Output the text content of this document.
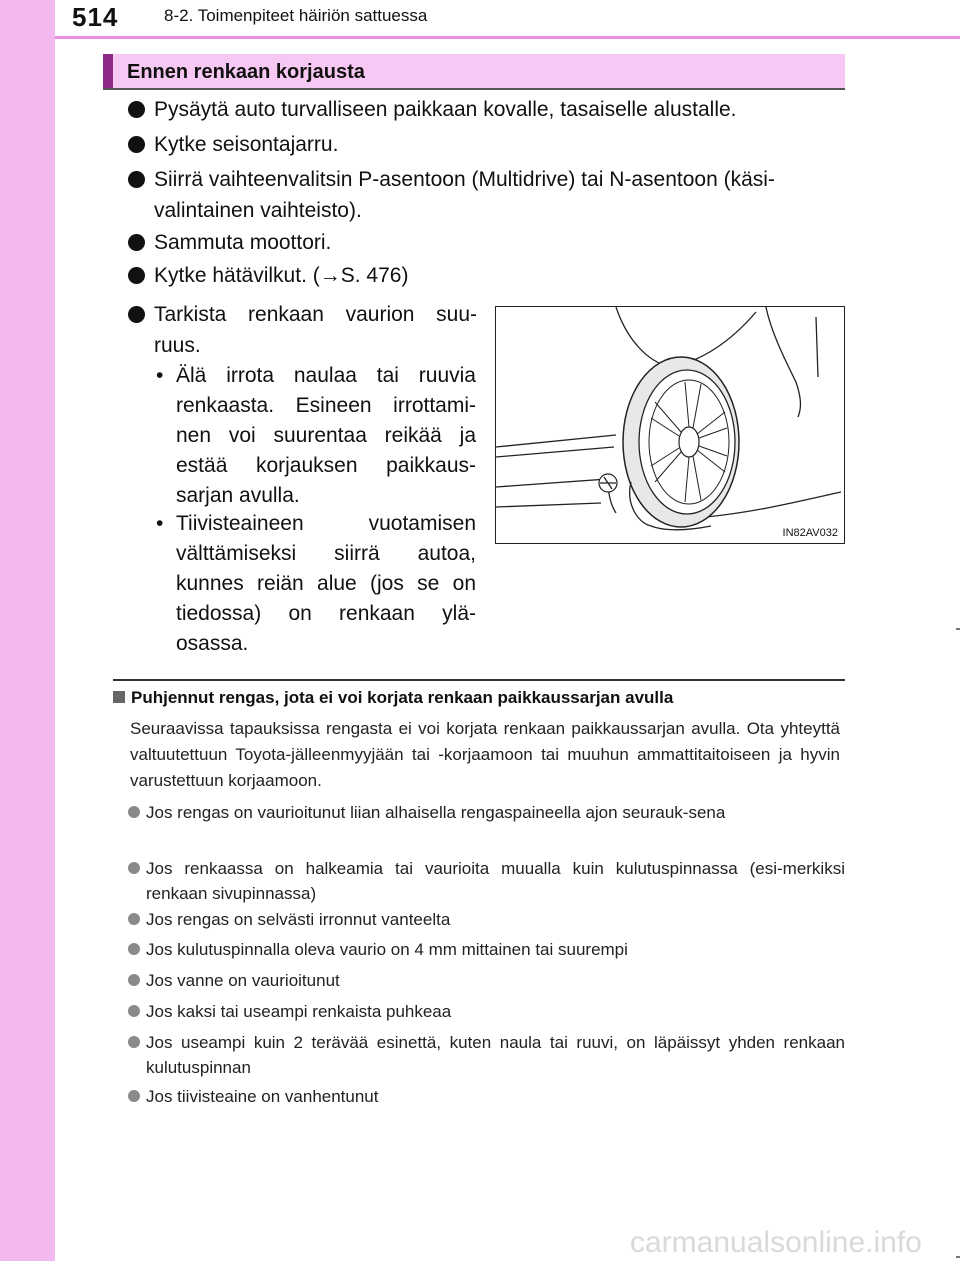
514	8-2. Toimenpiteet häiriön sattuessa
Ennen renkaan korjausta
Pysäytä auto turvalliseen paikkaan kovalle, tasaiselle alustalle.
Kytke seisontajarru.
Siirrä vaihteenvalitsin P-asentoon (Multidrive) tai N-asentoon (käsi-
valintainen vaihteisto).
Sammuta moottori.
Kytke hätävilkut. (→S. 476)
Tarkista renkaan vaurion suu-
ruus.
• Älä irrota naulaa tai ruuvia renkaasta. Esineen irrottami-nen voi suurentaa reikää ja estää korjauksen paikkaus-sarjan avulla.
• Tiivisteaineen vuotamisen välttämiseksi siirrä autoa, kunnes reiän alue (jos se on tiedossa) on renkaan ylä-osassa.
IN82AV032
Puhjennut rengas, jota ei voi korjata renkaan paikkaussarjan avulla
Seuraavissa tapauksissa rengasta ei voi korjata renkaan paikkaussarjan avulla. Ota yhteyttä valtuutettuun Toyota-jälleenmyyjään tai -korjaamoon tai muuhun ammattitaitoiseen ja hyvin varustettuun korjaamoon.
Jos rengas on vaurioitunut liian alhaisella rengaspaineella ajon seurauk-sena
Jos renkaassa on halkeamia tai vaurioita muualla kuin kulutuspinnassa (esi-merkiksi renkaan sivupinnassa)
Jos rengas on selvästi irronnut vanteelta
Jos kulutuspinnalla oleva vaurio on 4 mm mittainen tai suurempi
Jos vanne on vaurioitunut
Jos kaksi tai useampi renkaista puhkeaa
Jos useampi kuin 2 terävää esinettä, kuten naula tai ruuvi, on läpäissyt yhden renkaan kulutuspinnan
Jos tiivisteaine on vanhentunut
carmanualsonline.info
